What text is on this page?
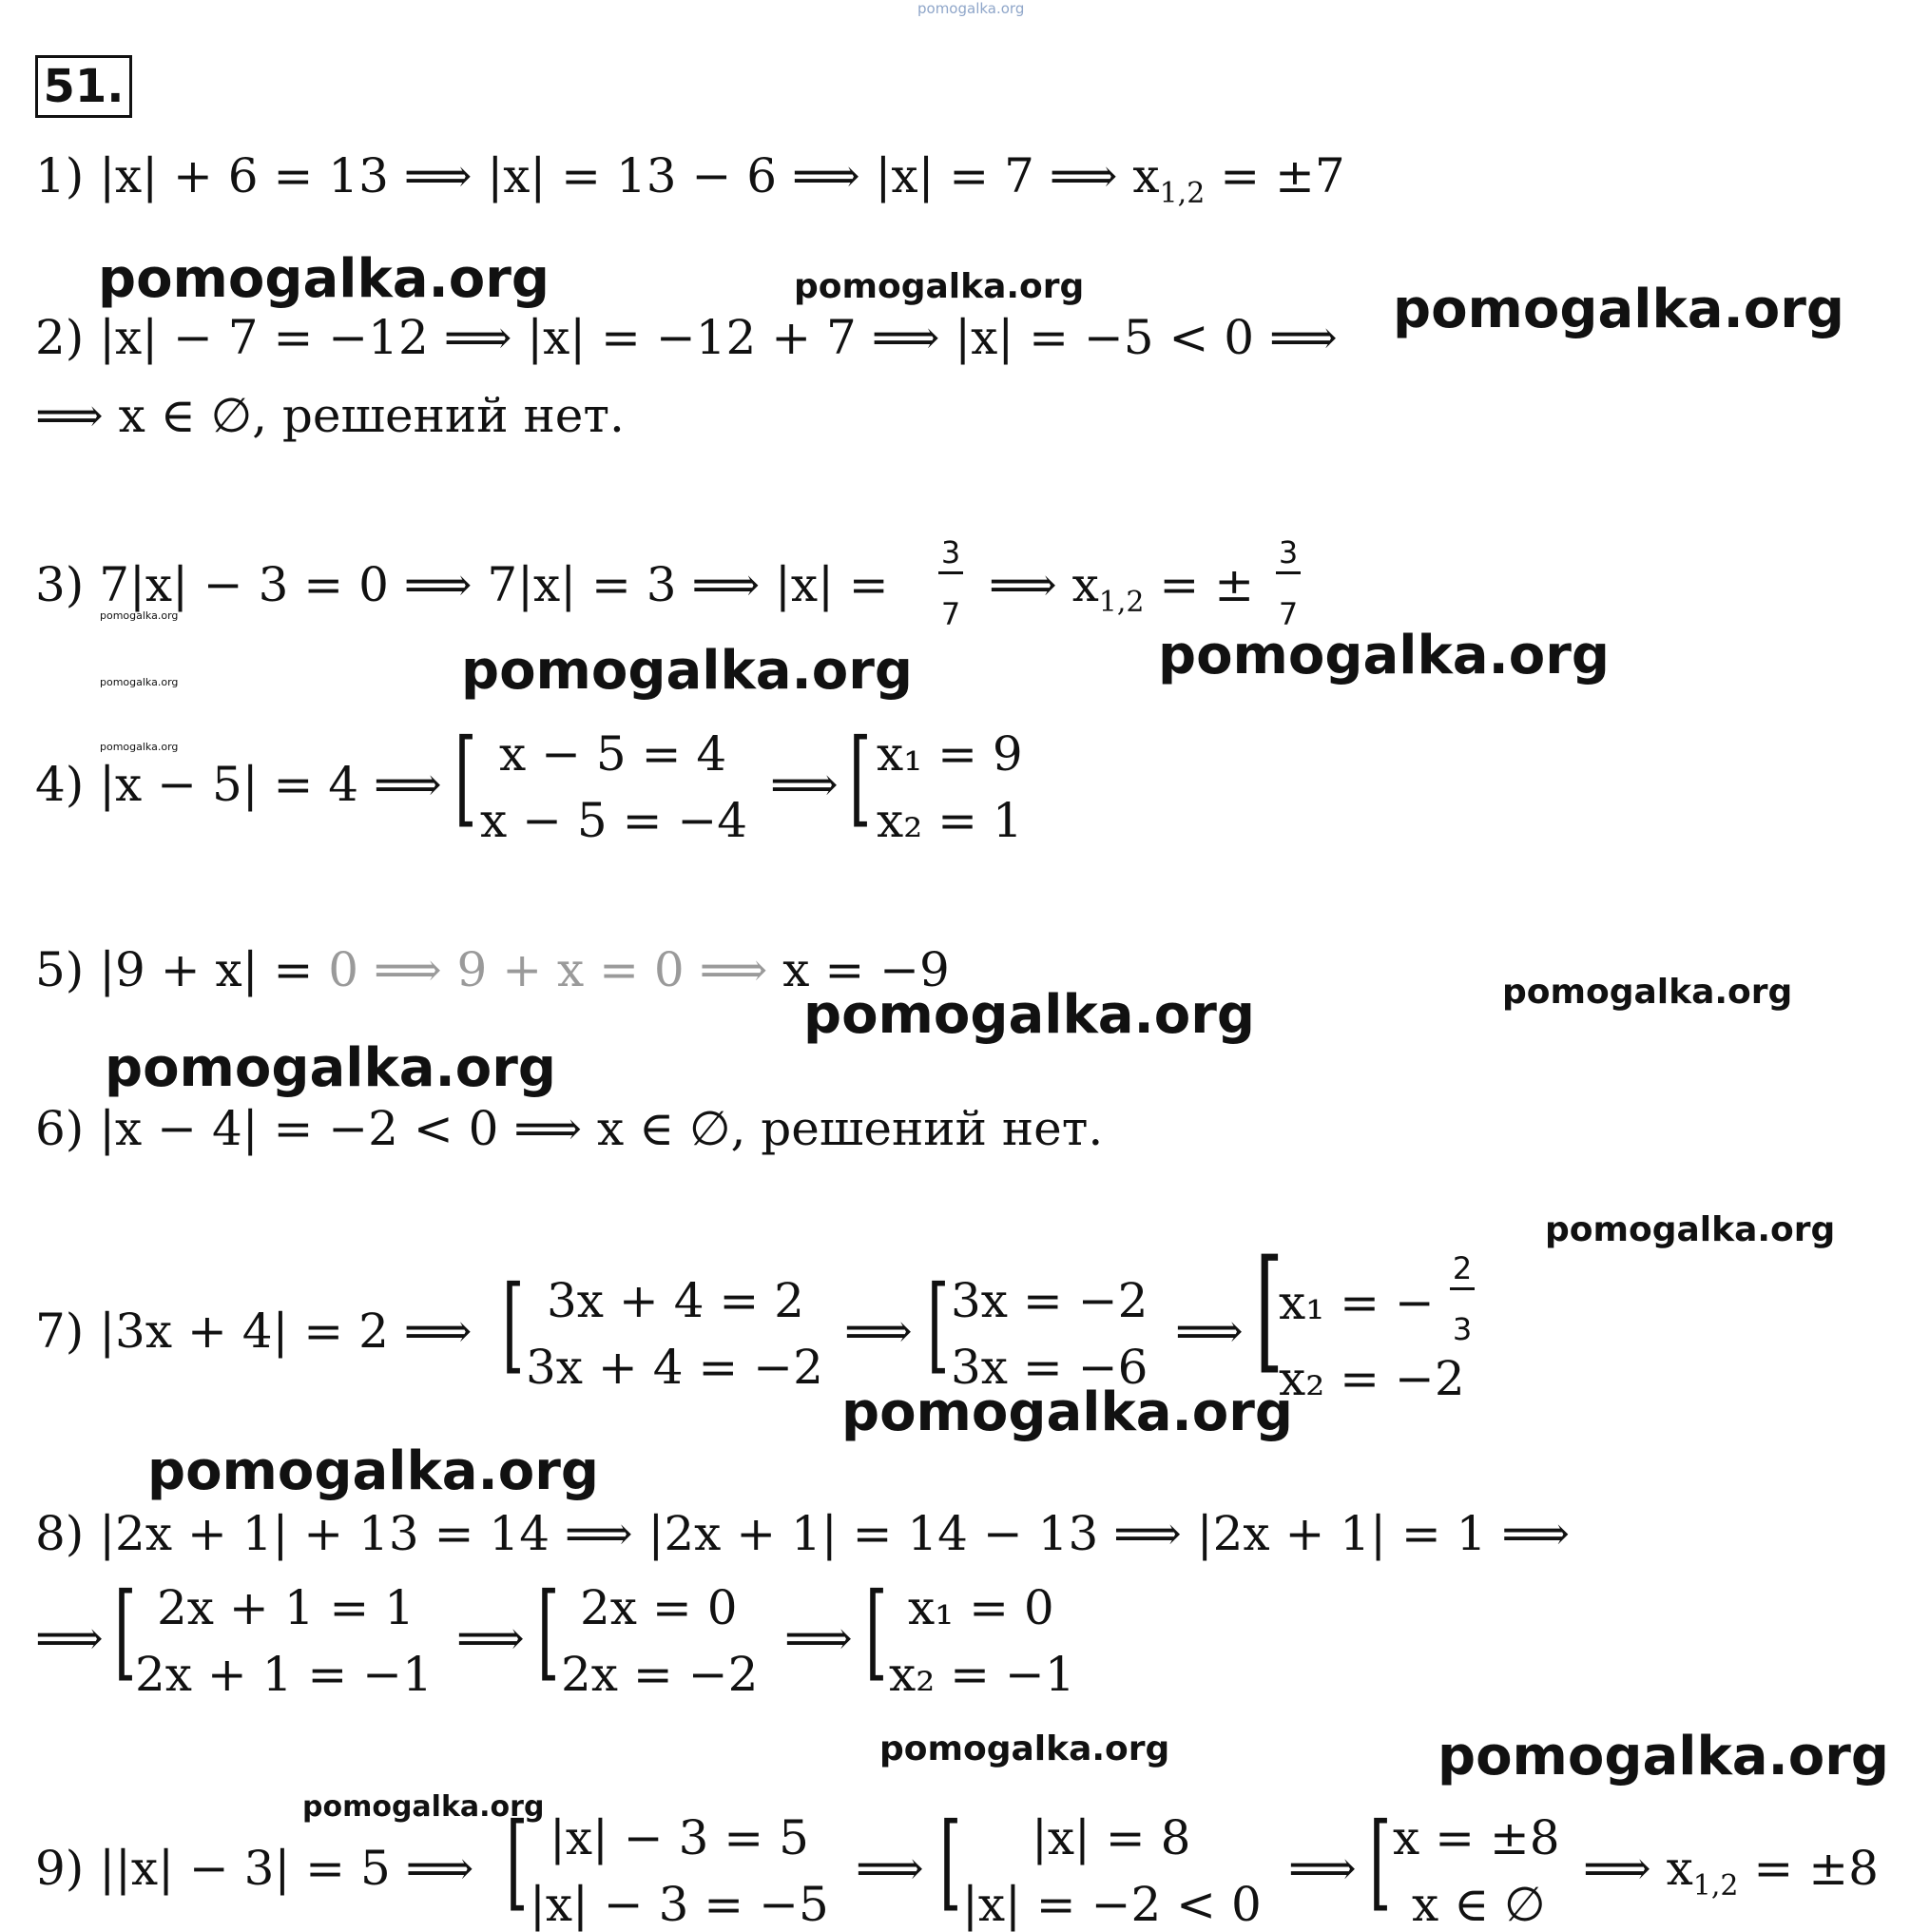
pomogalka.org
51.
1) |x| + 6 = 13 ⟹ |x| = 13 − 6 ⟹ |x| = 7 ⟹ $x_{1,2} = \pm 7$
pomogalka.org	pomogalka.org	pomogalka.org
2) |x| − 7 = −12 ⟹ |x| = −12 + 7 ⟹ |x| = −5 < 0 ⟹
⟹ x ∈ ∅, решений нет.
3) 7|x| − 3 = 0 ⟹ 7|x| = 3 ⟹ |x| =
3
7
⟹ $x_{1,2}$ = ±
3
7
pomogalka.org
pomogalka.org
pomogalka.org
pomogalka.org	pomogalka.org
4) |x − 5| = 4 ⟹ [ x − 5 = 4
x − 5 = −4
⟹ [ x₁ = 9
x₂ = 1
5) |9 + x| = 0 ⟹ 9 + x = 0 ⟹ x = −9	pomogalka.org
pomogalka.org
pomogalka.org
6) |x − 4| = −2 < 0 ⟹ x ∈ ∅, решений нет.
pomogalka.org
7) |3x + 4| = 2 ⟹ [ 3x + 4 = 2
3x + 4 = −2
⟹ [ 3x = −2
3x = −6
⟹ [
x₁ = −
2
3
x₂ = −2
pomogalka.org
pomogalka.org
8) |2x + 1| + 13 = 14 ⟹ |2x + 1| = 14 − 13 ⟹ |2x + 1| = 1 ⟹
⟹ [ 2x + 1 = 1
2x + 1 = −1
⟹ [ 2x = 0
2x = −2
⟹ [ x₁ = 0
x₂ = −1
pomogalka.org	pomogalka.org
pomogalka.org
9) ||x| − 3| = 5 ⟹ [ |x| − 3 = 5
|x| − 3 = −5
⟹ [ |x| = 8
|x| = −2 < 0
⟹ [ x = ±8
x ∈ ∅
⟹ $x_{1,2} = \pm 8$
